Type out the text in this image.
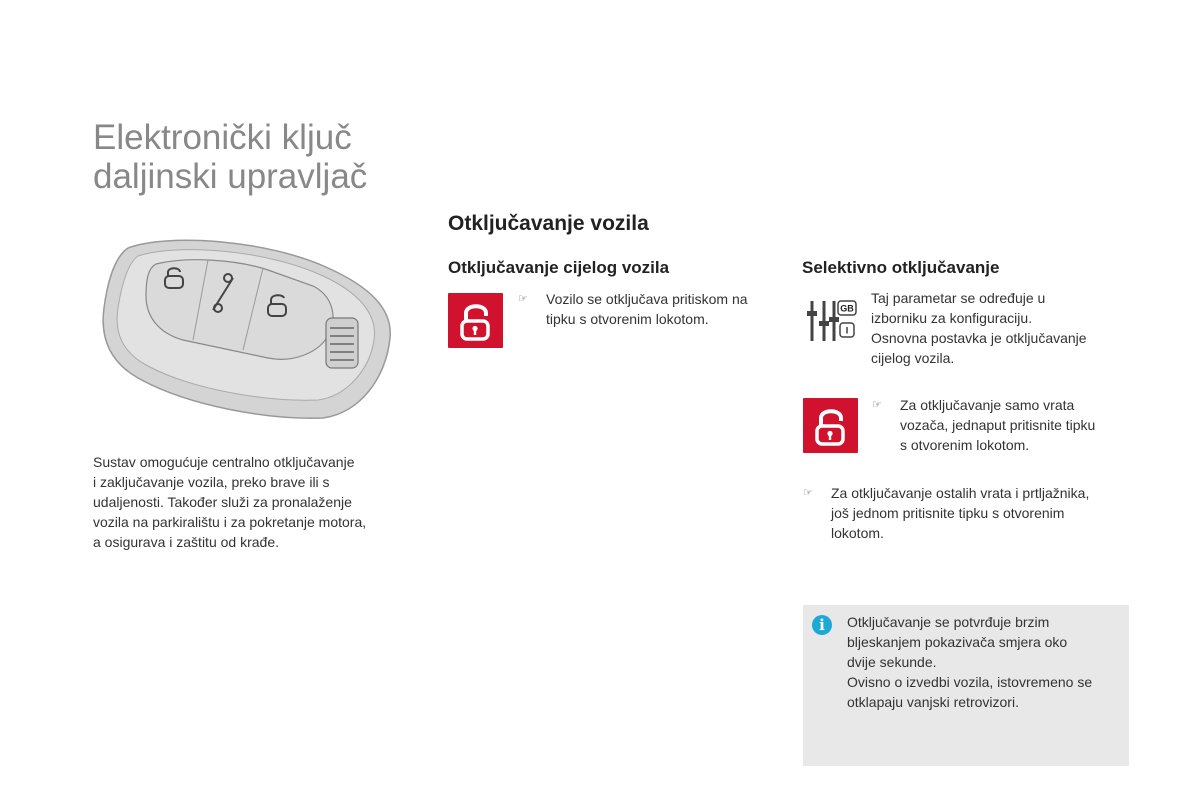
Elektronički ključ
daljinski upravljač
Sustav omogućuje centralno otključavanje
i zaključavanje vozila, preko brave ili s
udaljenosti. Također služi za pronalaženje
vozila na parkiralištu i za pokretanje motora,
a osigurava i zaštitu od krađe.
Otključavanje vozila
Otključavanje cijelog vozila
☞ Vozilo se otključava pritiskom na
tipku s otvorenim lokotom.
Selektivno otključavanje
GB
I
Taj parametar se određuje u
izborniku za konfiguraciju.
Osnovna postavka je otključavanje
cijelog vozila.
☞ Za otključavanje samo vrata
vozača, jednaput pritisnite tipku
s otvorenim lokotom.
☞ Za otključavanje ostalih vrata i prtljažnika,
još jednom pritisnite tipku s otvorenim
lokotom.
i Otključavanje se potvrđuje brzim
bljeskanjem pokazivača smjera oko
dvije sekunde.
Ovisno o izvedbi vozila, istovremeno se
otklapaju vanjski retrovizori.
